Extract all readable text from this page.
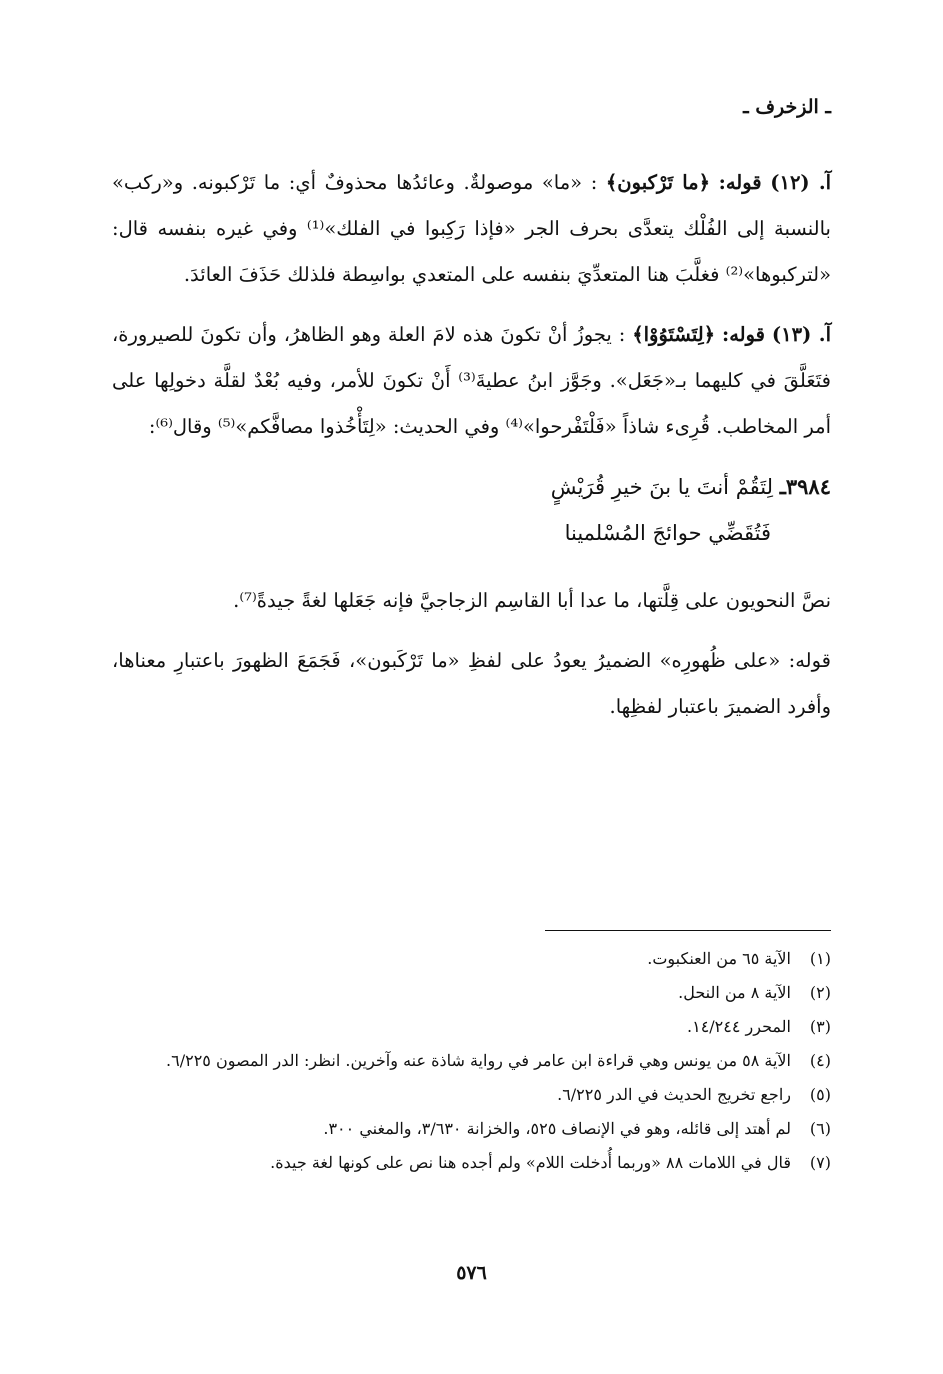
ـ الزخرف ـ

آ. (١٢) قوله: ﴿ما تَرْكبون﴾ : «ما» موصولةٌ. وعائدُها محذوفٌ أي: ما تَرْكبونه. و«ركب» بالنسبة إلى الفُلْك يتعدَّى بحرف الجر «فإذا رَكِبوا في الفلك»⁽¹⁾ وفي غيره بنفسه قال: «لتركبوها»⁽²⁾ فغلَّبَ هنا المتعدِّيَ بنفسه على المتعدي بواسِطة فلذلك حَذَفَ العائدَ.

آ. (١٣) قوله: ﴿لِتَسْتَوُوْا﴾ : يجوزُ أنْ تكونَ هذه لامَ العلة وهو الظاهرُ، وأن تكونَ للصيرورة، فتَعَلَّقَ في كليهما بـ«جَعَل». وجَوَّز ابنُ عطيةَ⁽³⁾ أَنْ تكونَ للأمر، وفيه بُعْدٌ لقلَّة دخولِها على أمر المخاطب. قُرِىء شاذاً «فَلْتَفْرحوا»⁽⁴⁾ وفي الحديث: «لِتَأْخُذوا مصافَّكم»⁽⁵⁾ وقال⁽⁶⁾:

٣٩٨٤ـ لِتَقُمْ أنتَ يا بنَ خيرِ قُرَيْشٍ
فَتُقَضِّي حوائجَ المُسْلمينا

نصَّ النحويون على قِلَّتها، ما عدا أبا القاسِم الزجاجيَّ فإنه جَعَلها لغةً جيدةً⁽⁷⁾.

قوله: «على ظُهورِه» الضميرُ يعودُ على لفظِ «ما تَرْكَبون»، فَجَمَعَ الظهورَ باعتبارِ معناها، وأفرد الضميرَ باعتبار لفظِها.

(١)
الآية ٦٥ من العنكبوت.
(٢)
الآية ٨ من النحل.
(٣)
المحرر ١٤/٢٤٤.
(٤)
الآية ٥٨ من يونس وهي قراءة ابن عامر في رواية شاذة عنه وآخرين. انظر: الدر المصون ٦/٢٢٥.
(٥)
راجع تخريج الحديث في الدر ٦/٢٢٥.
(٦)
لم أهتد إلى قائله، وهو في الإنصاف ٥٢٥، والخزانة ٣/٦٣٠، والمغني ٣٠٠.
(٧)
قال في اللامات ٨٨ «وربما أُدخلت اللام» ولم أجده هنا نص على كونها لغة جيدة.
٥٧٦
